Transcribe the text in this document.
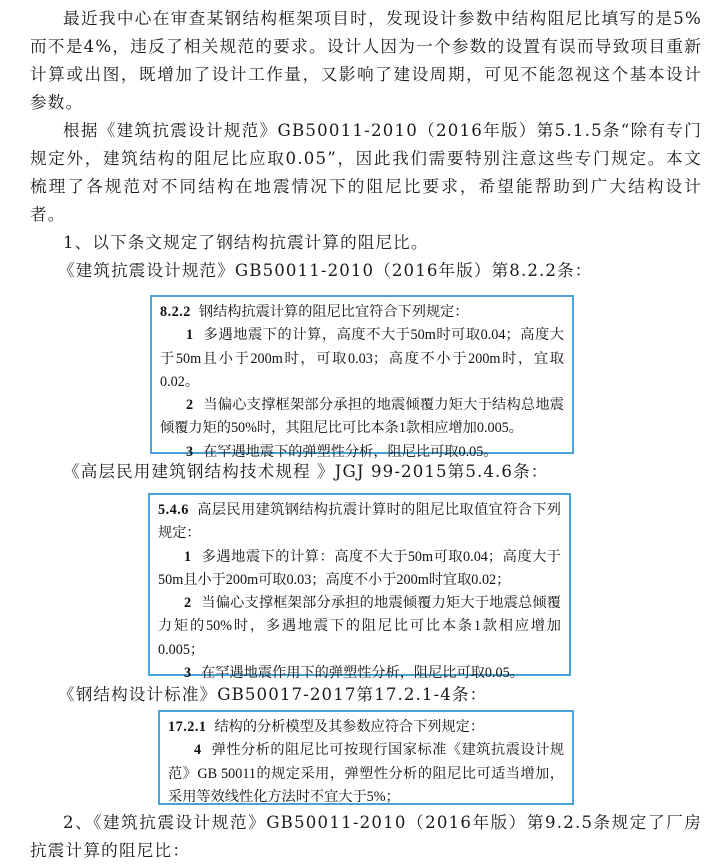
最近我中心在审查某钢结构框架项目时，发现设计参数中结构阻尼比填写的是5%而不是4%，违反了相关规范的要求。设计人因为一个参数的设置有误而导致项目重新计算或出图，既增加了设计工作量，又影响了建设周期，可见不能忽视这个基本设计参数。

根据《建筑抗震设计规范》GB50011-2010（2016年版）第5.1.5条“除有专门规定外，建筑结构的阻尼比应取0.05”，因此我们需要特别注意这些专门规定。本文梳理了各规范对不同结构在地震情况下的阻尼比要求，希望能帮助到广大结构设计者。

1、以下条文规定了钢结构抗震计算的阻尼比。

《建筑抗震设计规范》GB50011-2010（2016年版）第8.2.2条：

8.2.2 钢结构抗震计算的阻尼比宜符合下列规定：

1 多遇地震下的计算，高度不大于50m时可取0.04；高度大于50m且小于200m时，可取0.03；高度不小于200m时，宜取0.02。

2 当偏心支撑框架部分承担的地震倾覆力矩大于结构总地震倾覆力矩的50%时，其阻尼比可比本条1款相应增加0.005。

3 在罕遇地震下的弹塑性分析，阻尼比可取0.05。

《高层民用建筑钢结构技术规程 》JGJ 99-2015第5.4.6条：

5.4.6 高层民用建筑钢结构抗震计算时的阻尼比取值宜符合下列规定：

1 多遇地震下的计算：高度不大于50m可取0.04；高度大于50m且小于200m可取0.03；高度不小于200m时宜取0.02；

2 当偏心支撑框架部分承担的地震倾覆力矩大于地震总倾覆力矩的50%时，多遇地震下的阻尼比可比本条1款相应增加0.005；

3 在罕遇地震作用下的弹塑性分析，阻尼比可取0.05。

《钢结构设计标准》GB50017-2017第17.2.1-4条：

17.2.1 结构的分析模型及其参数应符合下列规定：

4 弹性分析的阻尼比可按现行国家标准《建筑抗震设计规范》GB 50011的规定采用，弹塑性分析的阻尼比可适当增加，采用等效线性化方法时不宜大于5%；

2、《建筑抗震设计规范》GB50011-2010（2016年版）第9.2.5条规定了厂房抗震计算的阻尼比：
